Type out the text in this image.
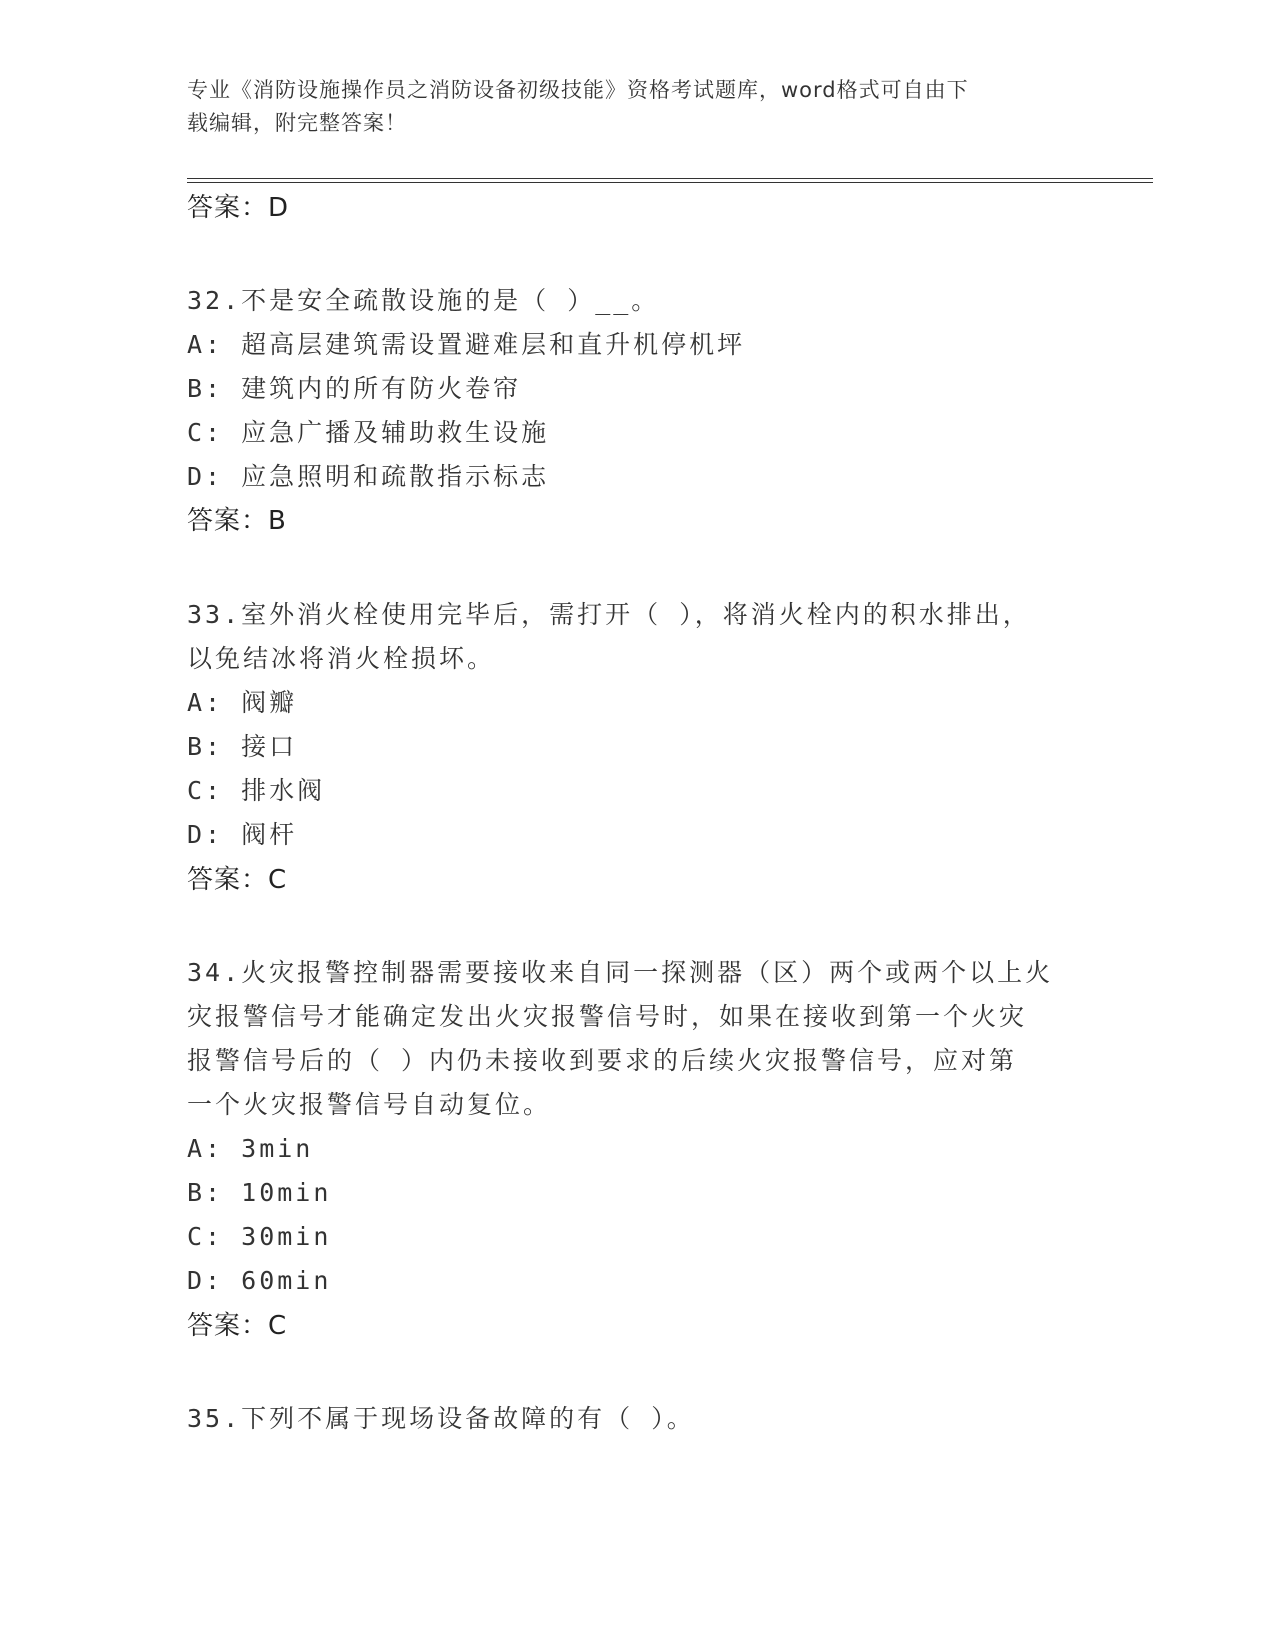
专业《消防设施操作员之消防设备初级技能》资格考试题库，word格式可自由下
载编辑，附完整答案！
答案：D
32.不是安全疏散设施的是（ ）__。
A: 超高层建筑需设置避难层和直升机停机坪
B: 建筑内的所有防火卷帘
C: 应急广播及辅助救生设施
D: 应急照明和疏散指示标志
答案：B
33.室外消火栓使用完毕后，需打开（ ），将消火栓内的积水排出，
以免结冰将消火栓损坏。
A: 阀瓣
B: 接口
C: 排水阀
D: 阀杆
答案：C
34.火灾报警控制器需要接收来自同一探测器（区）两个或两个以上火
灾报警信号才能确定发出火灾报警信号时，如果在接收到第一个火灾
报警信号后的（ ）内仍未接收到要求的后续火灾报警信号，应对第
一个火灾报警信号自动复位。
A: 3min
B: 10min
C: 30min
D: 60min
答案：C
35.下列不属于现场设备故障的有（ ）。
